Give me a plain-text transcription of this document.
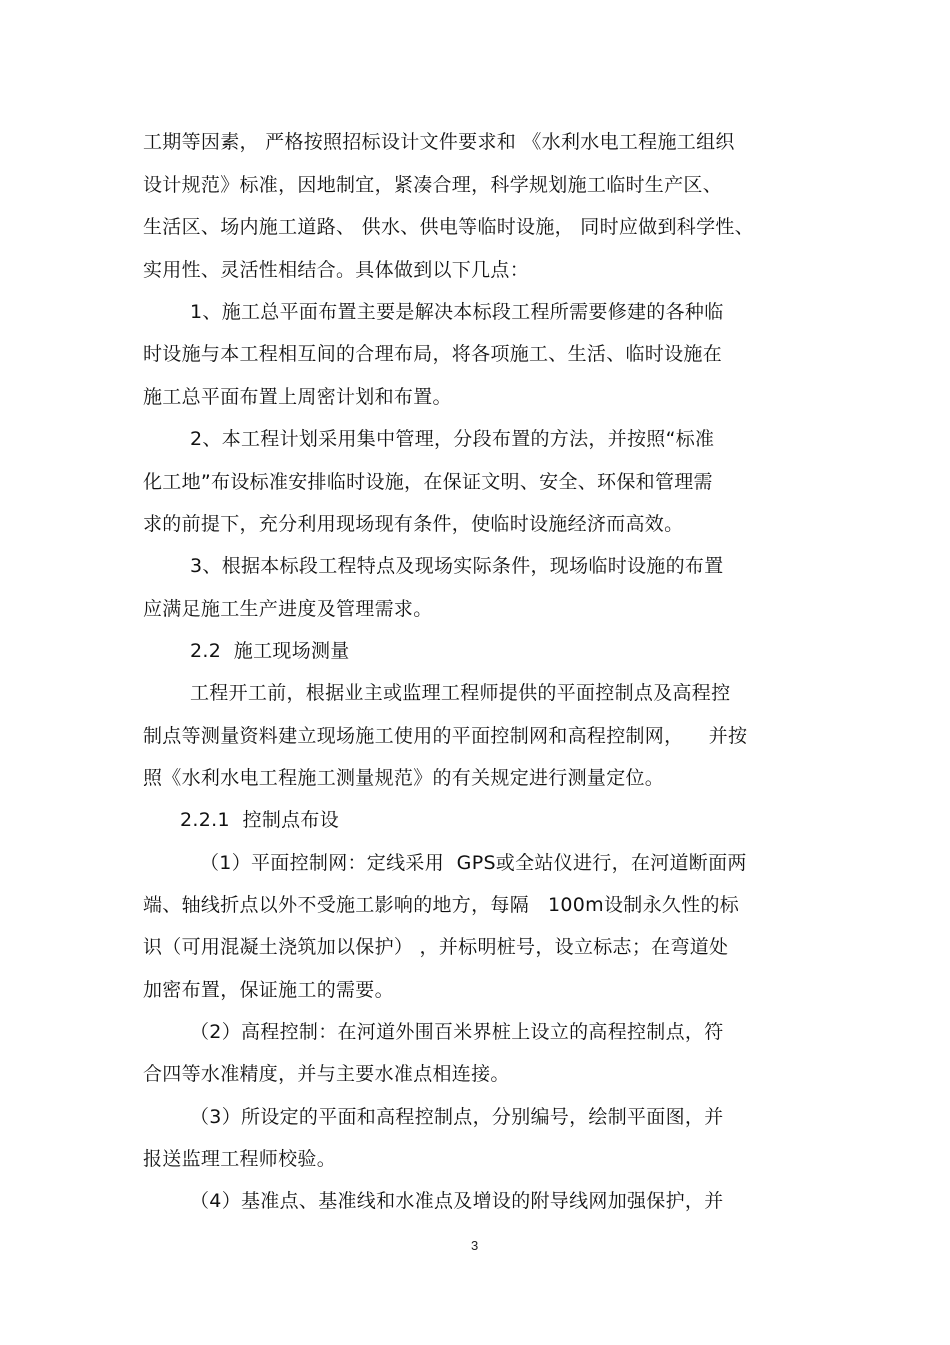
工期等因素， 严格按照招标设计文件要求和 《水利水电工程施工组织
设计规范》标准，因地制宜，紧凑合理，科学规划施工临时生产区、
生活区、场内施工道路、 供水、供电等临时设施， 同时应做到科学性、
实用性、灵活性相结合。具体做到以下几点：
1、施工总平面布置主要是解决本标段工程所需要修建的各种临
时设施与本工程相互间的合理布局，将各项施工、生活、临时设施在
施工总平面布置上周密计划和布置。
2、本工程计划采用集中管理，分段布置的方法，并按照“标准
化工地”布设标准安排临时设施，在保证文明、安全、环保和管理需
求的前提下，充分利用现场现有条件，使临时设施经济而高效。
3、根据本标段工程特点及现场实际条件，现场临时设施的布置
应满足施工生产进度及管理需求。
2.2  施工现场测量
工程开工前，根据业主或监理工程师提供的平面控制点及高程控
制点等测量资料建立现场施工使用的平面控制网和高程控制网，    并按
照《水利水电工程施工测量规范》的有关规定进行测量定位。
2.2.1  控制点布设
（1）平面控制网：定线采用  GPS或全站仪进行，在河道断面两
端、轴线折点以外不受施工影响的地方，每隔   100m设制永久性的标
识（可用混凝土浇筑加以保护） ，并标明桩号，设立标志；在弯道处
加密布置，保证施工的需要。
（2）高程控制：在河道外围百米界桩上设立的高程控制点，符
合四等水准精度，并与主要水准点相连接。
（3）所设定的平面和高程控制点，分别编号，绘制平面图，并
报送监理工程师校验。
（4）基准点、基准线和水准点及增设的附导线网加强保护，并
3
